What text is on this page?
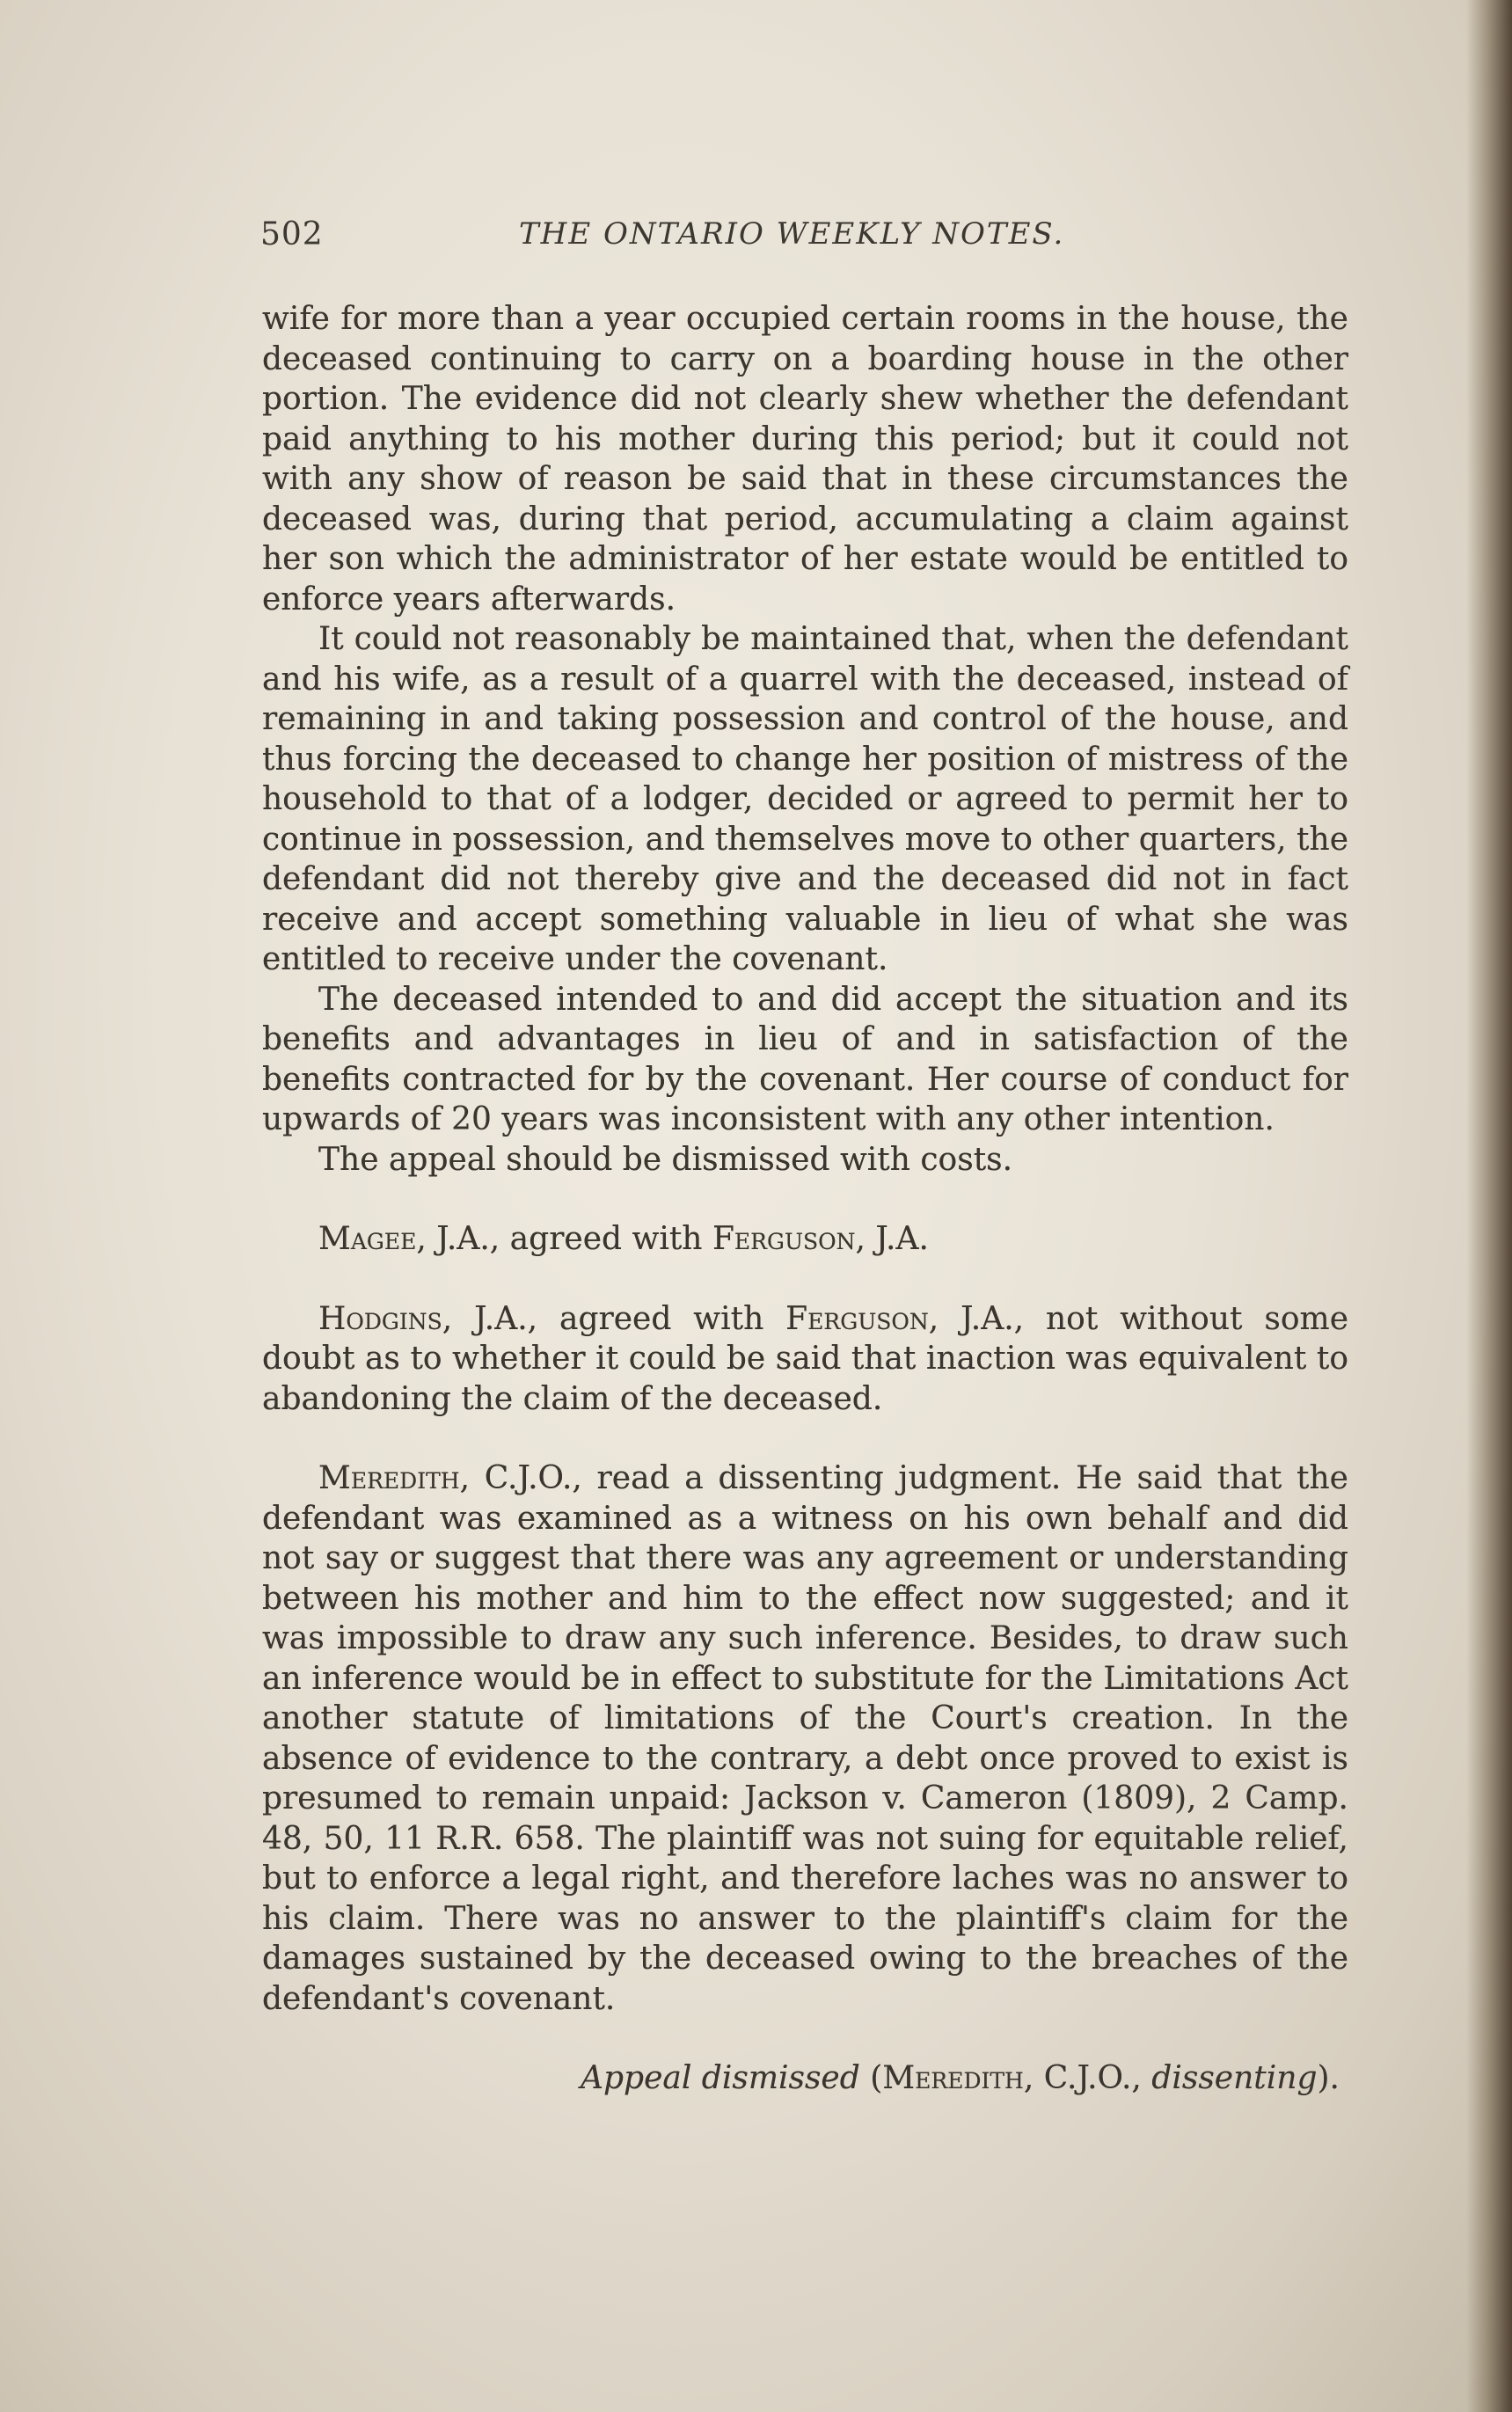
502	THE ONTARIO WEEKLY NOTES.

wife for more than a year occupied certain rooms in the house, the deceased continuing to carry on a boarding house in the other portion. The evidence did not clearly shew whether the defendant paid anything to his mother during this period; but it could not with any show of reason be said that in these circumstances the deceased was, during that period, accumulating a claim against her son which the administrator of her estate would be entitled to enforce years afterwards.

It could not reasonably be maintained that, when the defendant and his wife, as a result of a quarrel with the deceased, instead of remaining in and taking possession and control of the house, and thus forcing the deceased to change her position of mistress of the household to that of a lodger, decided or agreed to permit her to continue in possession, and themselves move to other quarters, the defendant did not thereby give and the deceased did not in fact receive and accept something valuable in lieu of what she was entitled to receive under the covenant.

The deceased intended to and did accept the situation and its benefits and advantages in lieu of and in satisfaction of the benefits contracted for by the covenant. Her course of conduct for upwards of 20 years was inconsistent with any other intention.

The appeal should be dismissed with costs.

Magee, J.A., agreed with Ferguson, J.A.

Hodgins, J.A., agreed with Ferguson, J.A., not without some doubt as to whether it could be said that inaction was equivalent to abandoning the claim of the deceased.

Meredith, C.J.O., read a dissenting judgment. He said that the defendant was examined as a witness on his own behalf and did not say or suggest that there was any agreement or understanding between his mother and him to the effect now suggested; and it was impossible to draw any such inference. Besides, to draw such an inference would be in effect to substitute for the Limitations Act another statute of limitations of the Court's creation. In the absence of evidence to the contrary, a debt once proved to exist is presumed to remain unpaid: Jackson v. Cameron (1809), 2 Camp. 48, 50, 11 R.R. 658. The plaintiff was not suing for equitable relief, but to enforce a legal right, and therefore laches was no answer to his claim. There was no answer to the plaintiff's claim for the damages sustained by the deceased owing to the breaches of the defendant's covenant.

Appeal dismissed (Meredith, C.J.O., dissenting).
